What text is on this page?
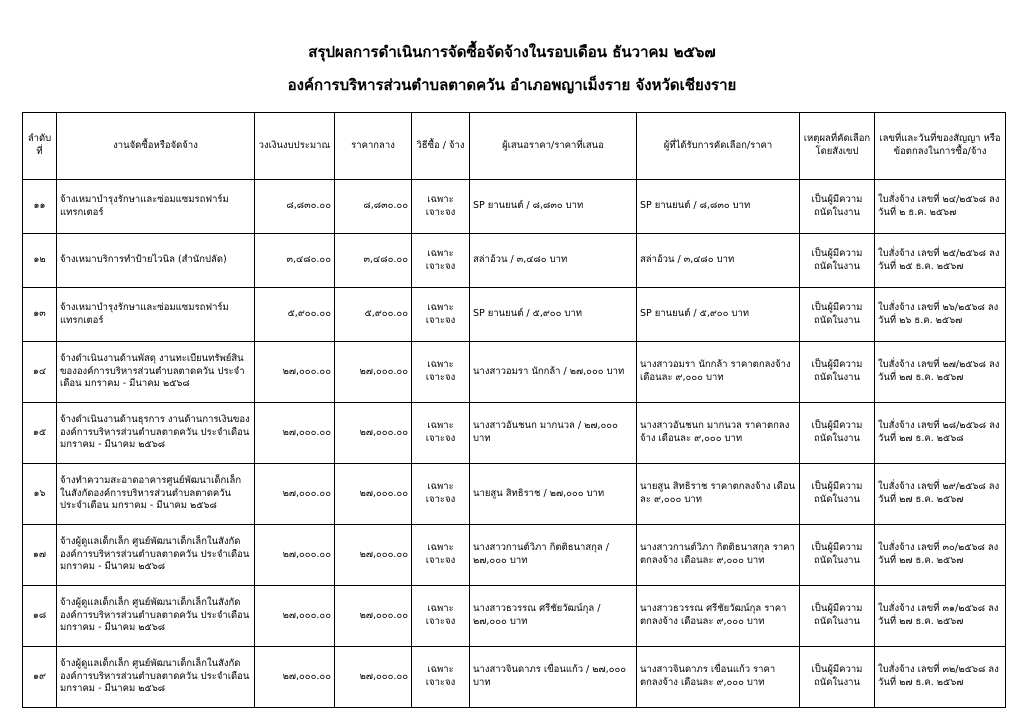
สรุปผลการดำเนินการจัดซื้อจัดจ้างในรอบเดือน ธันวาคม ๒๕๖๗
องค์การบริหารส่วนตำบลตาดควัน อำเภอพญาเม็งราย จังหวัดเชียงราย
ลำดับที่	งานจัดซื้อหรือจัดจ้าง	วงเงินงบประมาณ	ราคากลาง	วิธีซื้อ / จ้าง	ผู้เสนอราคา/ราคาที่เสนอ	ผู้ที่ได้รับการคัดเลือก/ราคา	เหตุผลที่คัดเลือก โดยสังเขป	เลขที่และวันที่ของสัญญา หรือข้อตกลงในการซื้อ/จ้าง
๑๑	จ้างเหมาบำรุงรักษาและซ่อมแซมรถฟาร์มแทรกเตอร์	๘,๘๓๐.๐๐	๘,๘๓๐.๐๐	เฉพาะเจาะจง	SP ยานยนต์ / ๘,๘๓๐ บาท	SP ยานยนต์ / ๘,๘๓๐ บาท	เป็นผู้มีความถนัดในงาน	ใบสั่งจ้าง เลขที่ ๒๔/๒๕๖๘ ลงวันที่ ๒ ธ.ค. ๒๕๖๗
๑๒	จ้างเหมาบริการทำป้ายไวนิล (สำนักปลัด)	๓,๔๘๐.๐๐	๓,๔๘๐.๐๐	เฉพาะเจาะจง	สล่าอ้วน / ๓,๔๘๐ บาท	สล่าอ้วน / ๓,๔๘๐ บาท	เป็นผู้มีความถนัดในงาน	ใบสั่งจ้าง เลขที่ ๒๕/๒๕๖๘ ลงวันที่ ๒๕ ธ.ค. ๒๕๖๗
๑๓	จ้างเหมาบำรุงรักษาและซ่อมแซมรถฟาร์มแทรกเตอร์	๕,๙๐๐.๐๐	๕,๙๐๐.๐๐	เฉพาะเจาะจง	SP ยานยนต์ / ๕,๙๐๐ บาท	SP ยานยนต์ / ๕,๙๐๐ บาท	เป็นผู้มีความถนัดในงาน	ใบสั่งจ้าง เลขที่ ๒๖/๒๕๖๘ ลงวันที่ ๒๖ ธ.ค. ๒๕๖๗
๑๔	จ้างดำเนินงานด้านพัสดุ งานทะเบียนทรัพย์สินขององค์การบริหารส่วนตำบลตาดควัน ประจำเดือน มกราคม - มีนาคม ๒๕๖๘	๒๗,๐๐๐.๐๐	๒๗,๐๐๐.๐๐	เฉพาะเจาะจง	นางสาวอมรา นักกล้า / ๒๗,๐๐๐ บาท	นางสาวอมรา นักกล้า ราคาตกลงจ้าง เดือนละ ๙,๐๐๐ บาท	เป็นผู้มีความถนัดในงาน	ใบสั่งจ้าง เลขที่ ๒๗/๒๕๖๘ ลงวันที่ ๒๗ ธ.ค. ๒๕๖๗
๑๕	จ้างดำเนินงานด้านธุรการ งานด้านการเงินขององค์การบริหารส่วนตำบลตาดควัน ประจำเดือน มกราคม - มีนาคม ๒๕๖๘	๒๗,๐๐๐.๐๐	๒๗,๐๐๐.๐๐	เฉพาะเจาะจง	นางสาวอันชนก มากนวล / ๒๗,๐๐๐ บาท	นางสาวอันชนก มากนวล ราคาตกลงจ้าง เดือนละ ๙,๐๐๐ บาท	เป็นผู้มีความถนัดในงาน	ใบสั่งจ้าง เลขที่ ๒๘/๒๕๖๘ ลงวันที่ ๒๗ ธ.ค. ๒๕๖๘
๑๖	จ้างทำความสะอาดอาคารศูนย์พัฒนาเด็กเล็กในสังกัดองค์การบริหารส่วนตำบลตาดควัน ประจำเดือน มกราคม - มีนาคม ๒๕๖๘	๒๗,๐๐๐.๐๐	๒๗,๐๐๐.๐๐	เฉพาะเจาะจง	นายสูน สิทธิราช / ๒๗,๐๐๐ บาท	นายสูน สิทธิราช ราคาตกลงจ้าง เดือนละ ๙,๐๐๐ บาท	เป็นผู้มีความถนัดในงาน	ใบสั่งจ้าง เลขที่ ๒๙/๒๕๖๘ ลงวันที่ ๒๗ ธ.ค. ๒๕๖๗
๑๗	จ้างผู้ดูแลเด็กเล็ก ศูนย์พัฒนาเด็กเล็กในสังกัดองค์การบริหารส่วนตำบลตาดควัน ประจำเดือน มกราคม - มีนาคม ๒๕๖๘	๒๗,๐๐๐.๐๐	๒๗,๐๐๐.๐๐	เฉพาะเจาะจง	นางสาวกานต์วิภา กิตติธนาสกุล / ๒๗,๐๐๐ บาท	นางสาวกานต์วิภา กิตติธนาสกุล ราคาตกลงจ้าง เดือนละ ๙,๐๐๐ บาท	เป็นผู้มีความถนัดในงาน	ใบสั่งจ้าง เลขที่ ๓๐/๒๕๖๘ ลงวันที่ ๒๗ ธ.ค. ๒๕๖๗
๑๘	จ้างผู้ดูแลเด็กเล็ก ศูนย์พัฒนาเด็กเล็กในสังกัดองค์การบริหารส่วนตำบลตาดควัน ประจำเดือน มกราคม - มีนาคม ๒๕๖๘	๒๗,๐๐๐.๐๐	๒๗,๐๐๐.๐๐	เฉพาะเจาะจง	นางสาวธวรรณ ศรีชัยวัฒน์กุล / ๒๗,๐๐๐ บาท	นางสาวธวรรณ ศรีชัยวัฒน์กุล ราคาตกลงจ้าง เดือนละ ๙,๐๐๐ บาท	เป็นผู้มีความถนัดในงาน	ใบสั่งจ้าง เลขที่ ๓๑/๒๕๖๘ ลงวันที่ ๒๗ ธ.ค. ๒๕๖๗
๑๙	จ้างผู้ดูแลเด็กเล็ก ศูนย์พัฒนาเด็กเล็กในสังกัดองค์การบริหารส่วนตำบลตาดควัน ประจำเดือน มกราคม - มีนาคม ๒๕๖๘	๒๗,๐๐๐.๐๐	๒๗,๐๐๐.๐๐	เฉพาะเจาะจง	นางสาวจินดาภร เขื่อนแก้ว / ๒๗,๐๐๐ บาท	นางสาวจินดาภร เขื่อนแก้ว ราคาตกลงจ้าง เดือนละ ๙,๐๐๐ บาท	เป็นผู้มีความถนัดในงาน	ใบสั่งจ้าง เลขที่ ๓๒/๒๕๖๘ ลงวันที่ ๒๗ ธ.ค. ๒๕๖๗
